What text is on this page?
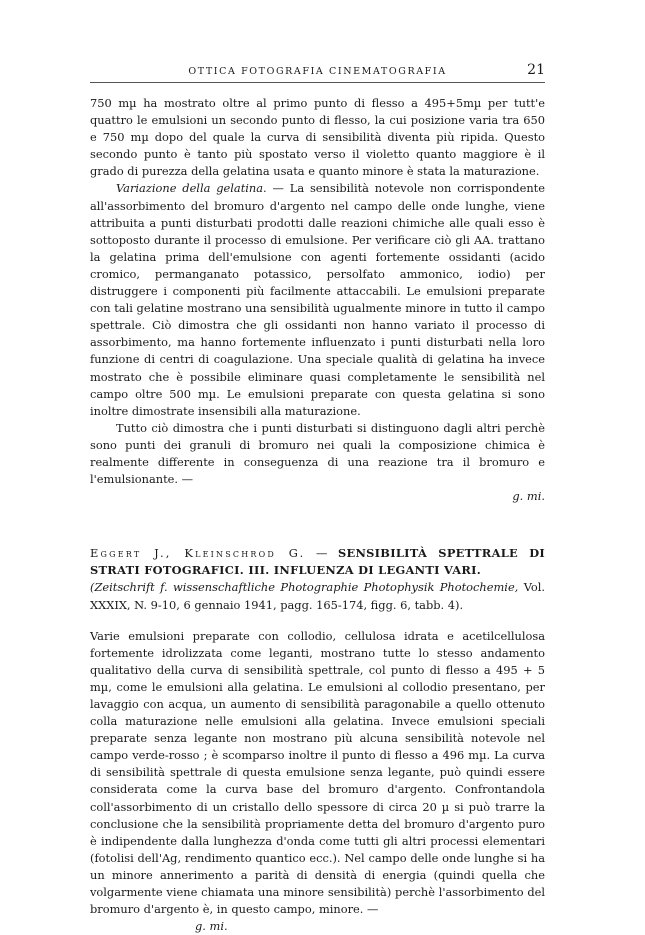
OTTICA FOTOGRAFIA CINEMATOGRAFIA	21

750 mµ ha mostrato oltre al primo punto di flesso a 495+5mµ per tutt'e quattro le emulsioni un secondo punto di flesso, la cui posizione varia tra 650 e 750 mµ dopo del quale la curva di sensibilità diventa più ripida. Questo secondo punto è tanto più spostato verso il violetto quanto maggiore è il grado di purezza della gelatina usata e quanto minore è stata la maturazione.

Variazione della gelatina. — La sensibilità notevole non corrispondente all'assorbimento del bromuro d'argento nel campo delle onde lunghe, viene attribuita a punti disturbati prodotti dalle reazioni chimiche alle quali esso è sottoposto durante il processo di emulsione. Per verificare ciò gli AA. trattano la gelatina prima dell'emulsione con agenti fortemente ossidanti (acido cromico, permanganato potassico, persolfato ammonico, iodio) per distruggere i componenti più facilmente attaccabili. Le emulsioni preparate con tali gelatine mostrano una sensibilità ugualmente minore in tutto il campo spettrale. Ciò dimostra che gli ossidanti non hanno variato il processo di assorbimento, ma hanno fortemente influenzato i punti disturbati nella loro funzione di centri di coagulazione. Una speciale qualità di gelatina ha invece mostrato che è possibile eliminare quasi completamente le sensibilità nel campo oltre 500 mµ. Le emulsioni preparate con questa gelatina si sono inoltre dimostrate insensibili alla maturazione.

Tutto ciò dimostra che i punti disturbati si distinguono dagli altri perchè sono punti dei granuli di bromuro nei quali la composizione chimica è realmente differente in conseguenza di una reazione tra il bromuro e l'emulsionante. —

g. mi.

Eggert J., Kleinschrod G. — SENSIBILITÀ SPETTRALE DI STRATI FOTOGRAFICI. III. INFLUENZA DI LEGANTI VARI.

(Zeitschrift f. wissenschaftliche Photographie Photophysik Photochemie, Vol. XXXIX, N. 9-10, 6 gennaio 1941, pagg. 165-174, figg. 6, tabb. 4).

Varie emulsioni preparate con collodio, cellulosa idrata e acetilcellulosa fortemente idrolizzata come leganti, mostrano tutte lo stesso andamento qualitativo della curva di sensibilità spettrale, col punto di flesso a 495 + 5 mµ, come le emulsioni alla gelatina. Le emulsioni al collodio presentano, per lavaggio con acqua, un aumento di sensibilità paragonabile a quello ottenuto colla maturazione nelle emulsioni alla gelatina. Invece emulsioni speciali preparate senza legante non mostrano più alcuna sensibilità notevole nel campo verde-rosso ; è scomparso inoltre il punto di flesso a 496 mµ. La curva di sensibilità spettrale di questa emulsione senza legante, può quindi essere considerata come la curva base del bromuro d'argento. Confrontandola coll'assorbimento di un cristallo dello spessore di circa 20 µ si può trarre la conclusione che la sensibilità propriamente detta del bromuro d'argento puro è indipendente dalla lunghezza d'onda come tutti gli altri processi elementari (fotolisi dell'Ag, rendimento quantico ecc.). Nel campo delle onde lunghe si ha un minore annerimento a parità di densità di energia (quindi quella che volgarmente viene chiamata una minore sensibilità) perchè l'assorbimento del bromuro d'argento è, in questo campo, minore. —

g. mi.
